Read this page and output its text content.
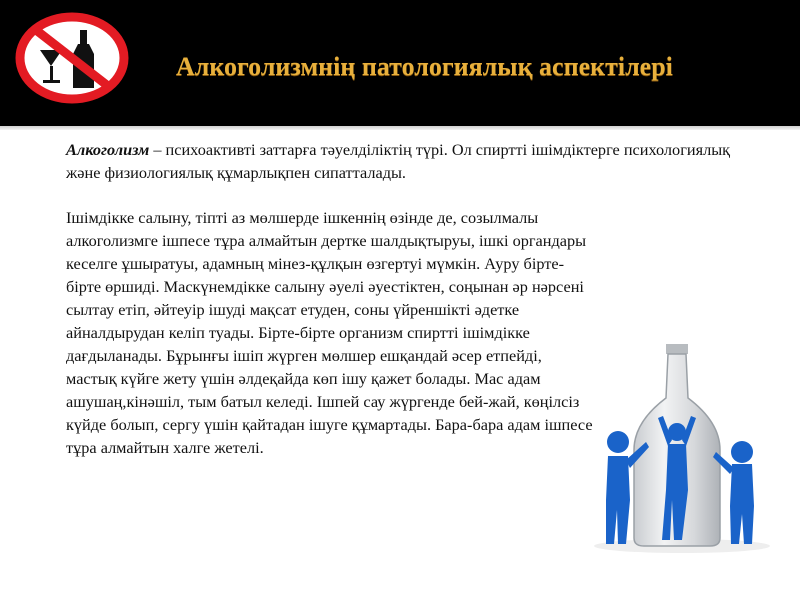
Алкоголизмнің патологиялық аспектілері
Алкоголизм – психоактивті заттарға тәуелділіктің түрі. Ол спиртті ішімдіктерге психологиялық және физиологиялық құмарлықпен сипатталады.
Ішімдікке салыну, тіпті аз мөлшерде ішкеннің өзінде де, созылмалы алкоголизмге ішпесе тұра алмайтын дертке шалдықтыруы, ішкі органдары кеселге ұшыратуы, адамның мінез-құлқын өзгертуі мүмкін. Ауру бірте-бірте өршиді. Маскүнемдікке салыну әуелі әуестіктен, соңынан әр нәрсені сылтау етіп, әйтеуір ішуді мақсат етуден, соны үйреншікті әдетке айналдырудан келіп туады. Бірте-бірте организм спиртті ішімдікке дағдыланады. Бұрынғы ішіп жүрген мөлшер ешқандай әсер етпейді, мастық күйге жету үшін әлдеқайда көп ішу қажет болады. Мас адам ашушаң,кінәшіл, тым батыл келеді. Ішпей сау жүргенде бей-жай, көңілсіз күйде болып, сергу үшін қайтадан ішуге құмартады. Бара-бара адам ішпесе тұра алмайтын халге жетелі.
